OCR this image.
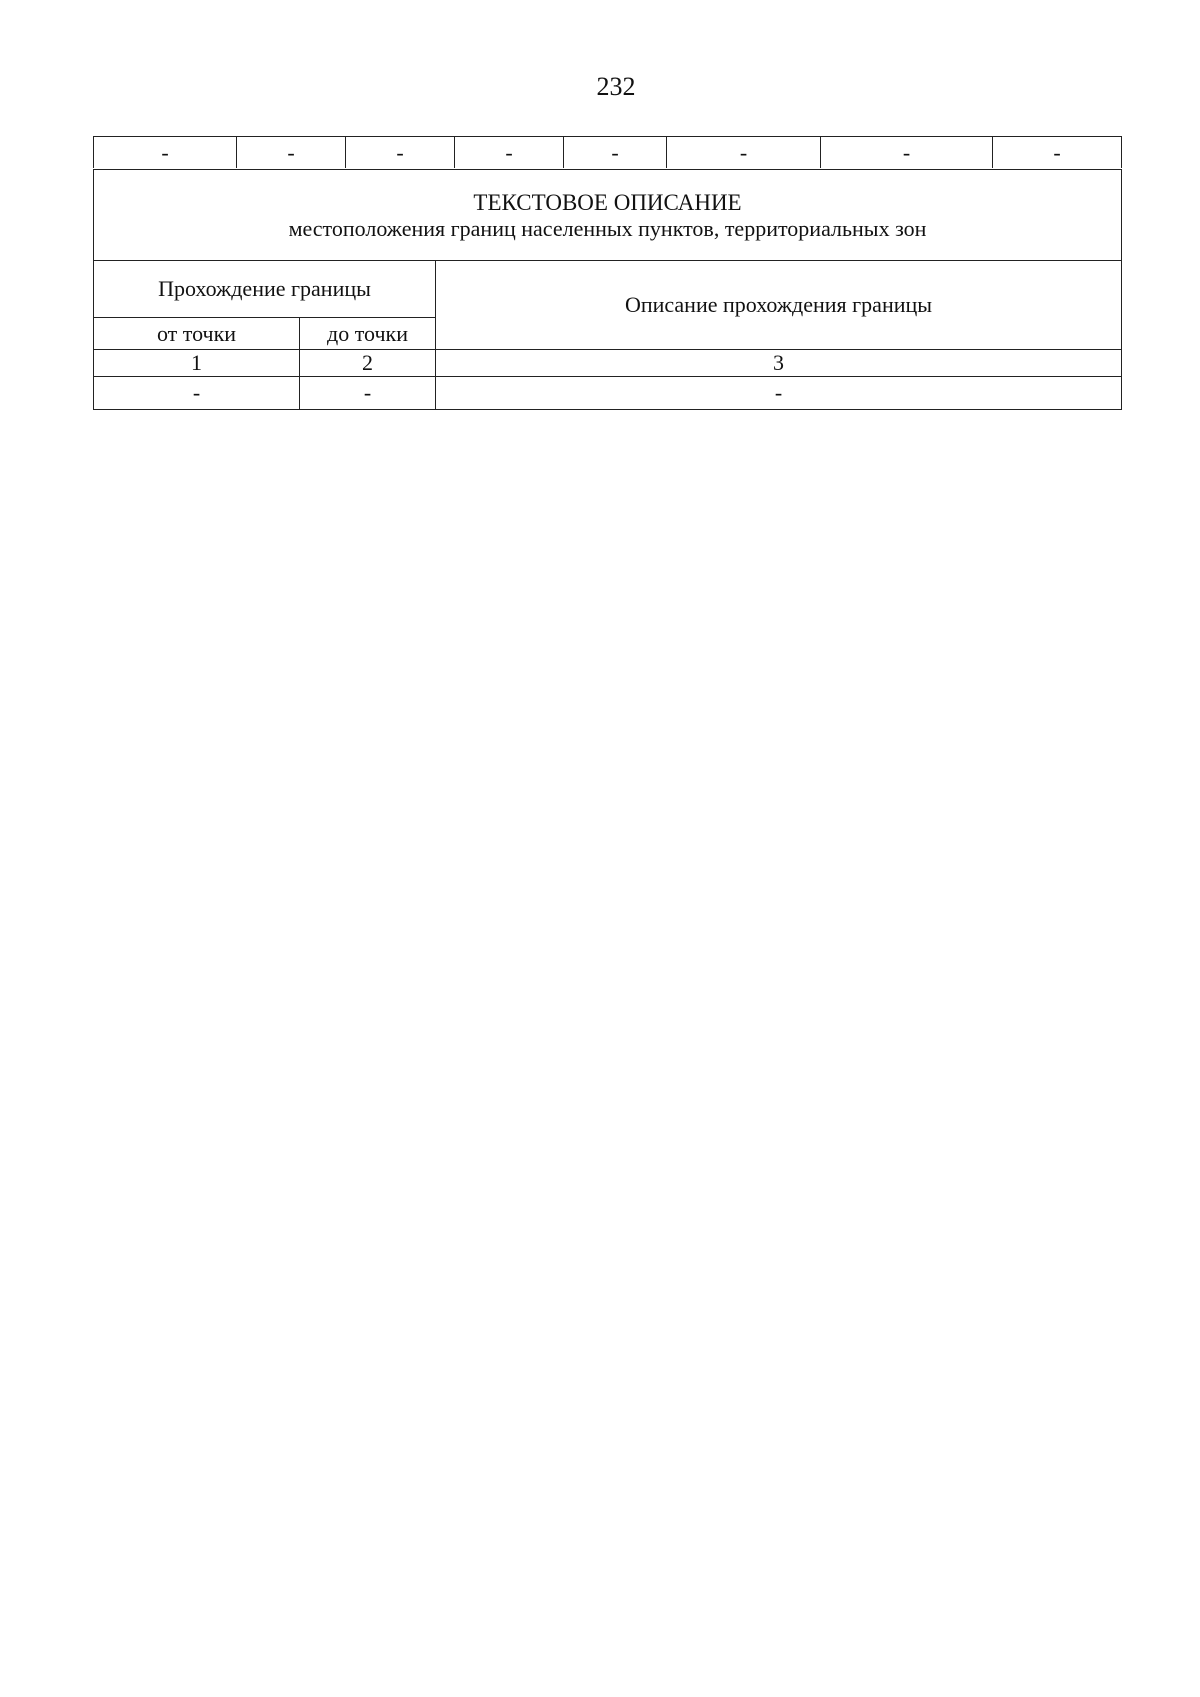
232
-	-	-	-	-	-	-	-
ТЕКСТОВОЕ ОПИСАНИЕ
местоположения границ населенных пунктов, территориальных зон		

Прохождение границы		Описание прохождения границы
от точки	до точки	
1	2	3
-	-	-
